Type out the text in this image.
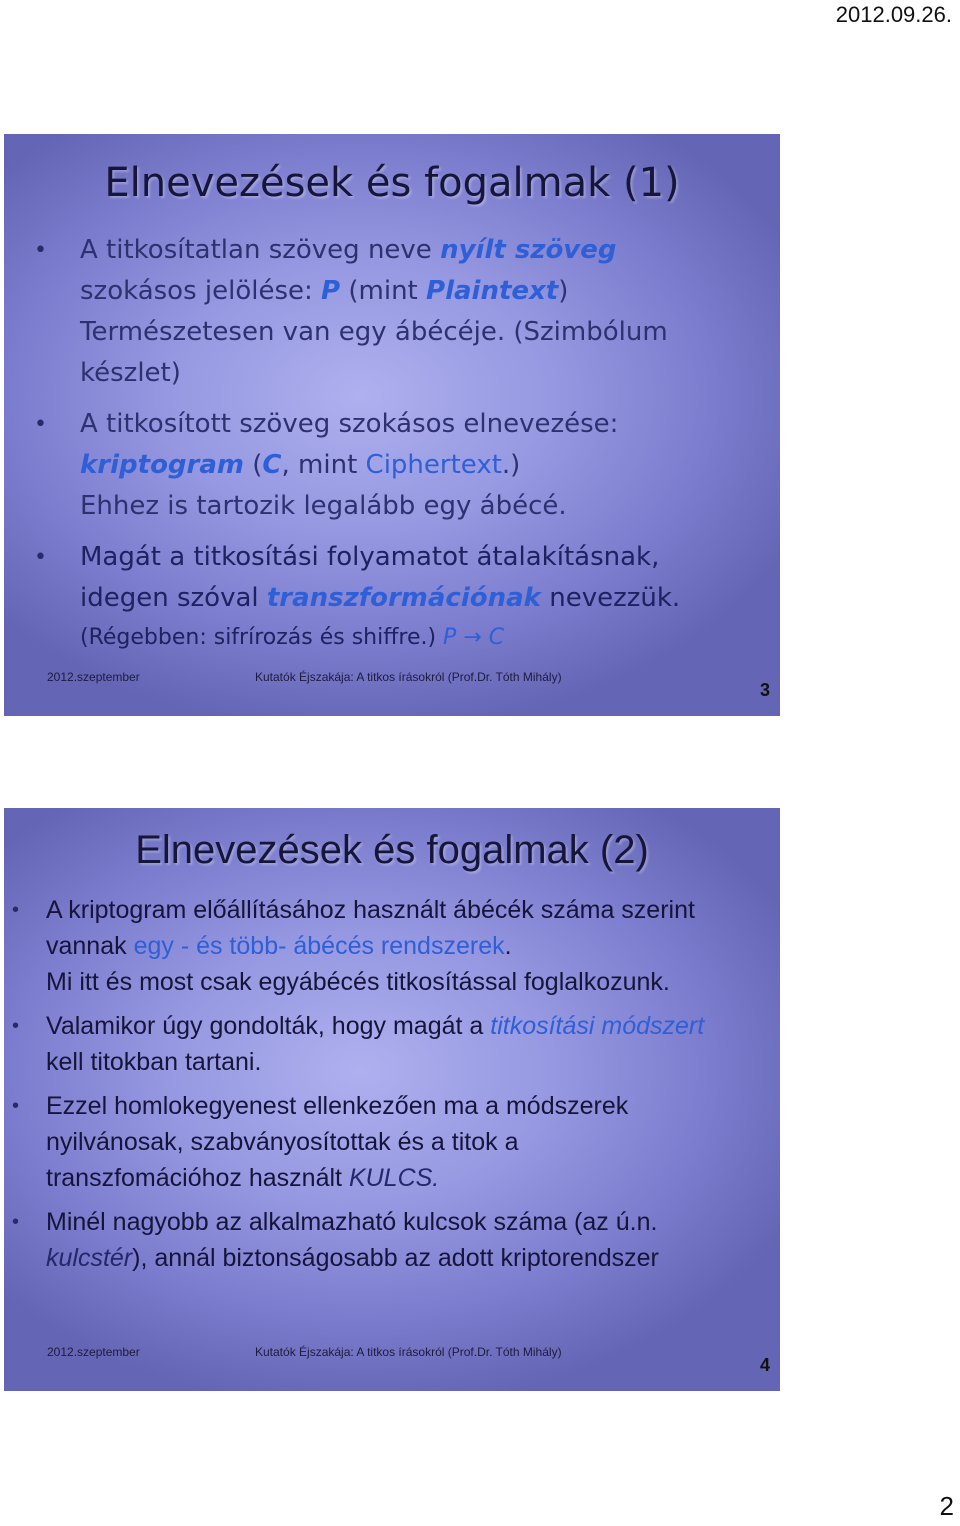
2012.09.26.
Elnevezések és fogalmak (1)
• A titkosítatlan szöveg neve nyílt szöveg
szokásos jelölése: P (mint Plaintext)
Természetesen van egy ábécéje. (Szimbólum
készlet)
• A titkosított szöveg szokásos elnevezése:
kriptogram (C, mint Ciphertext.)
Ehhez is tartozik legalább egy ábécé.
• Magát a titkosítási folyamatot átalakításnak,
idegen szóval transzformációnak nevezzük.
(Régebben: sifrírozás és shiffre.) P → C
2012.szeptember	Kutatók Éjszakája: A titkos írásokról (Prof.Dr. Tóth Mihály)
3
Elnevezések és fogalmak (2)
• A kriptogram előállításához használt ábécék száma szerint
vannak egy - és több- ábécés rendszerek.
Mi itt és most csak egyábécés titkosítással foglalkozunk.
• Valamikor úgy gondolták, hogy magát a titkosítási módszert
kell titokban tartani.
• Ezzel homlokegyenest ellenkezően ma a módszerek
nyilvánosak, szabványosítottak és a titok a
transzfomációhoz használt KULCS.
• Minél nagyobb az alkalmazható kulcsok száma (az ú.n.
kulcstér), annál biztonságosabb az adott kriptorendszer
2012.szeptember	Kutatók Éjszakája: A titkos írásokról (Prof.Dr. Tóth Mihály)
4
2
